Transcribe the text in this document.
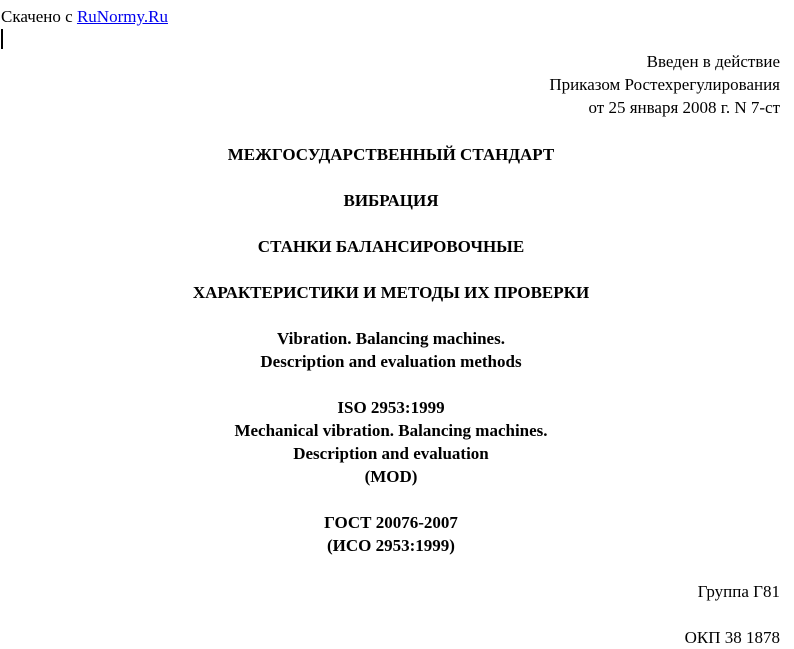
Скачено с RuNormy.Ru
Введен в действие
Приказом Ростехрегулирования
от 25 января 2008 г. N 7-ст
МЕЖГОСУДАРСТВЕННЫЙ СТАНДАРТ
ВИБРАЦИЯ
СТАНКИ БАЛАНСИРОВОЧНЫЕ
ХАРАКТЕРИСТИКИ И МЕТОДЫ ИХ ПРОВЕРКИ
Vibration. Balancing machines.
Description and evaluation methods
ISO 2953:1999
Mechanical vibration. Balancing machines.
Description and evaluation
(MOD)
ГОСТ 20076-2007
(ИСО 2953:1999)
Группа Г81
ОКП 38 1878
